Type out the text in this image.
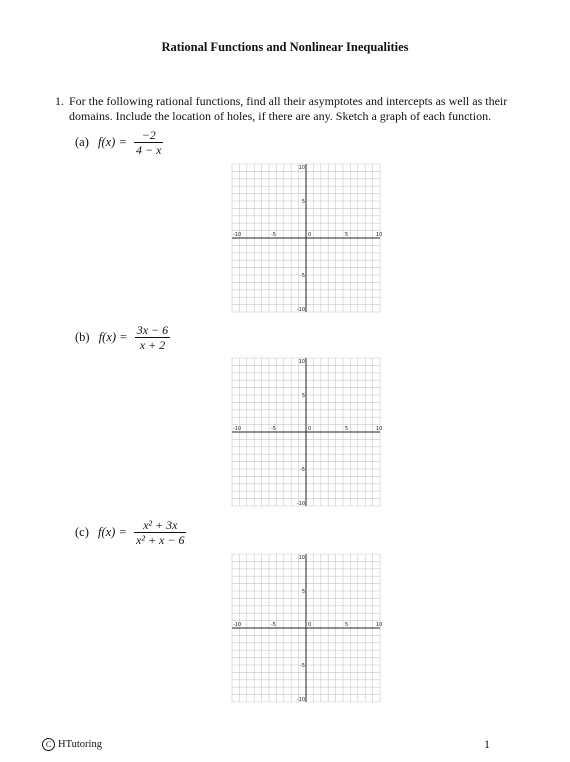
Rational Functions and Nonlinear Inequalities
1. For the following rational functions, find all their asymptotes and intercepts as well as their domains. Include the location of holes, if there are any. Sketch a graph of each function.
(a) $f(x) = \frac{-2}{4 - x}$
-10	-5	0	5	10
10
5
-5
-10
(b) $f(x) = \frac{3x - 6}{x + 2}$
-10	-5	0	5	10
10
5
-5
-10
(c) $f(x) = \frac{\text{x² + 3x}}{\text{x² + x − 6}}$
-10	-5	0	5	10
10
5
-5
-10
C HTutoring	1
